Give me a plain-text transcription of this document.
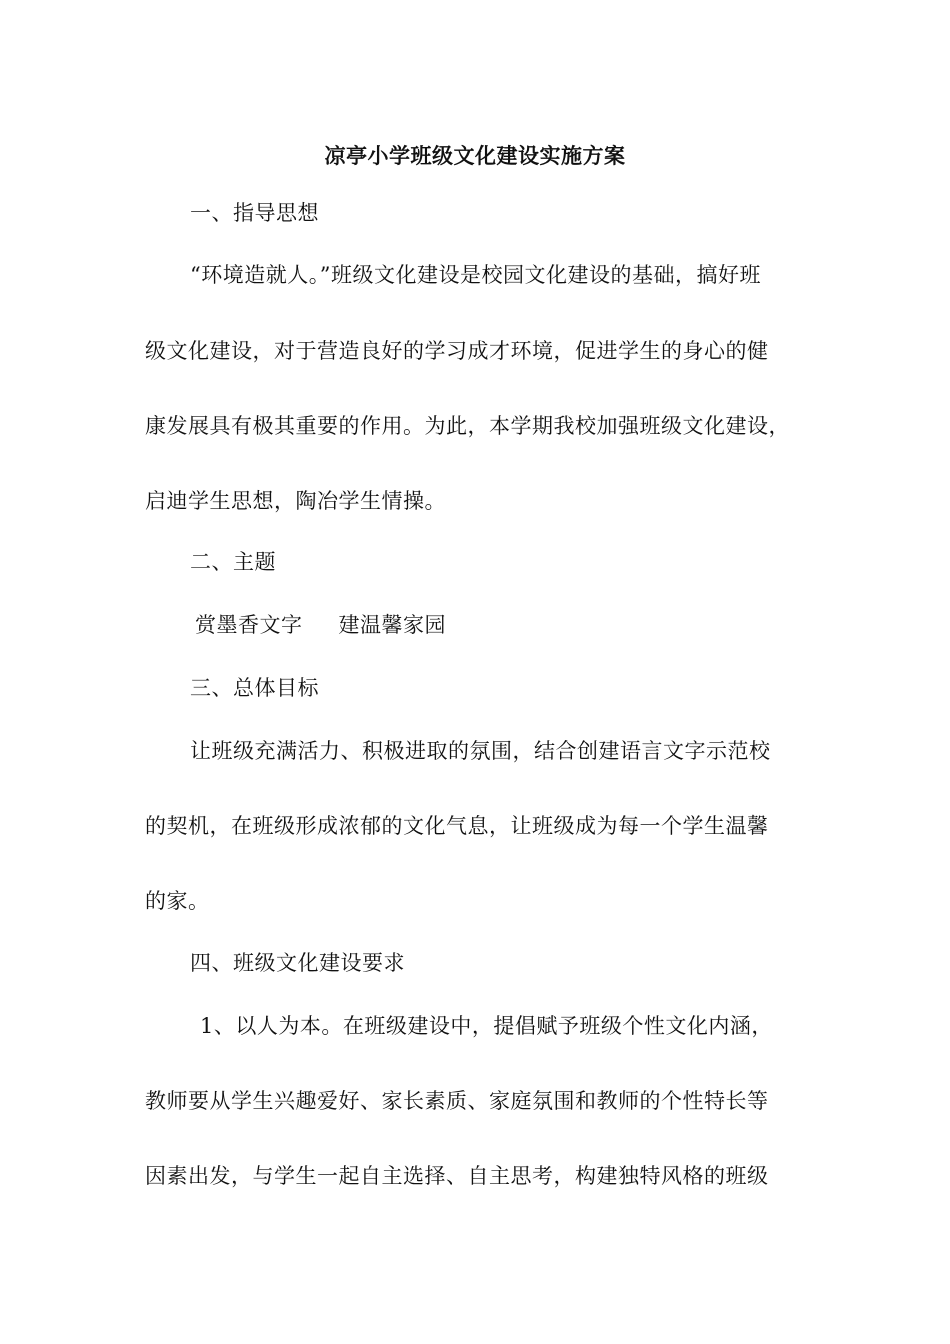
凉亭小学班级文化建设实施方案
一、指导思想
“环境造就人。”班级文化建设是校园文化建设的基础，搞好班
级文化建设，对于营造良好的学习成才环境，促进学生的身心的健
康发展具有极其重要的作用。为此，本学期我校加强班级文化建设，
启迪学生思想，陶冶学生情操。
二、主题
赏墨香文字 建温馨家园
三、总体目标
让班级充满活力、积极进取的氛围，结合创建语言文字示范校
的契机，在班级形成浓郁的文化气息，让班级成为每一个学生温馨
的家。
四、班级文化建设要求
1、以人为本。在班级建设中，提倡赋予班级个性文化内涵，
教师要从学生兴趣爱好、家长素质、家庭氛围和教师的个性特长等
因素出发，与学生一起自主选择、自主思考，构建独特风格的班级
